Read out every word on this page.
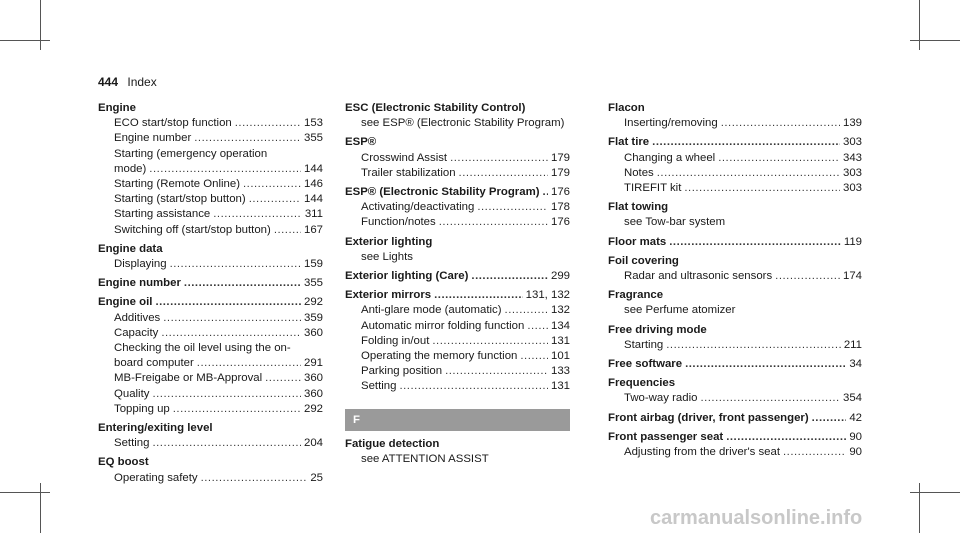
444 Index
Engine
ECO start/stop function .....	153
Engine number .....	355
Starting (emergency operation
mode) .....	144
Starting (Remote Online) .....	146
Starting (start/stop button) .....	144
Starting assistance .....	311
Switching off (start/stop button) .....	167
Engine data
Displaying .....	159
Engine number .....	355
Engine oil .....	292
Additives .....	359
Capacity .....	360
Checking the oil level using the on-
board computer .....	291
MB-Freigabe or MB-Approval .....	360
Quality .....	360
Topping up .....	292
Entering/exiting level
Setting .....	204
EQ boost
Operating safety .....	25
ESC (Electronic Stability Control)
see ESP® (Electronic Stability Program)
ESP®
Crosswind Assist .....	179
Trailer stabilization .....	179
ESP® (Electronic Stability Program) ..... 176
Activating/deactivating .....	178
Function/notes .....	176
Exterior lighting
see Lights
Exterior lighting (Care) .....	299
Exterior mirrors .....	131, 132
Anti-glare mode (automatic) .....	132
Automatic mirror folding function ..... 134
Folding in/out .....	131
Operating the memory function .....	101
Parking position .....	133
Setting .....	131
F
Fatigue detection
see ATTENTION ASSIST
Flacon
Inserting/removing .....	139
Flat tire .....	303
Changing a wheel .....	343
Notes .....	303
TIREFIT kit .....	303
Flat towing
see Tow-bar system
Floor mats .....	119
Foil covering
Radar and ultrasonic sensors .....	174
Fragrance
see Perfume atomizer
Free driving mode
Starting .....	211
Free software .....	34
Frequencies
Two-way radio .....	354
Front airbag (driver, front passenger) .....	42
Front passenger seat .....	90
Adjusting from the driver's seat .....	90
carmanualsonline.info
